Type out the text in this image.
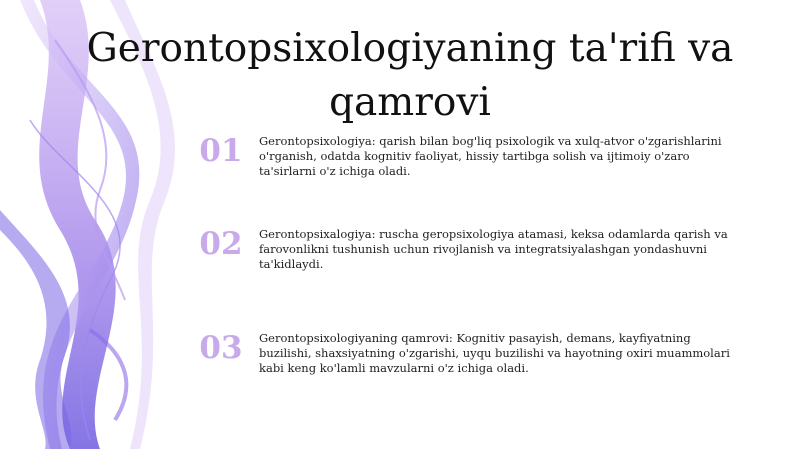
Gerontopsixologiyaning ta'rifi va qamrovi
01	Gerontopsixologiya: qarish bilan bog'liq psixologik va xulq-atvor o'zgarishlarini o'rganish, odatda kognitiv faoliyat, hissiy tartibga solish va ijtimoiy o'zaro ta'sirlarni o'z ichiga oladi.

02	Gerontopsixalogiya: ruscha geropsixologiya atamasi, keksa odamlarda qarish va farovonlikni tushunish uchun rivojlanish va integratsiyalashgan yondashuvni ta'kidlaydi.

03	Gerontopsixologiyaning qamrovi: Kognitiv pasayish, demans, kayfiyatning buzilishi, shaxsiyatning o'zgarishi, uyqu buzilishi va hayotning oxiri muammolari kabi keng ko'lamli mavzularni o'z ichiga oladi.
